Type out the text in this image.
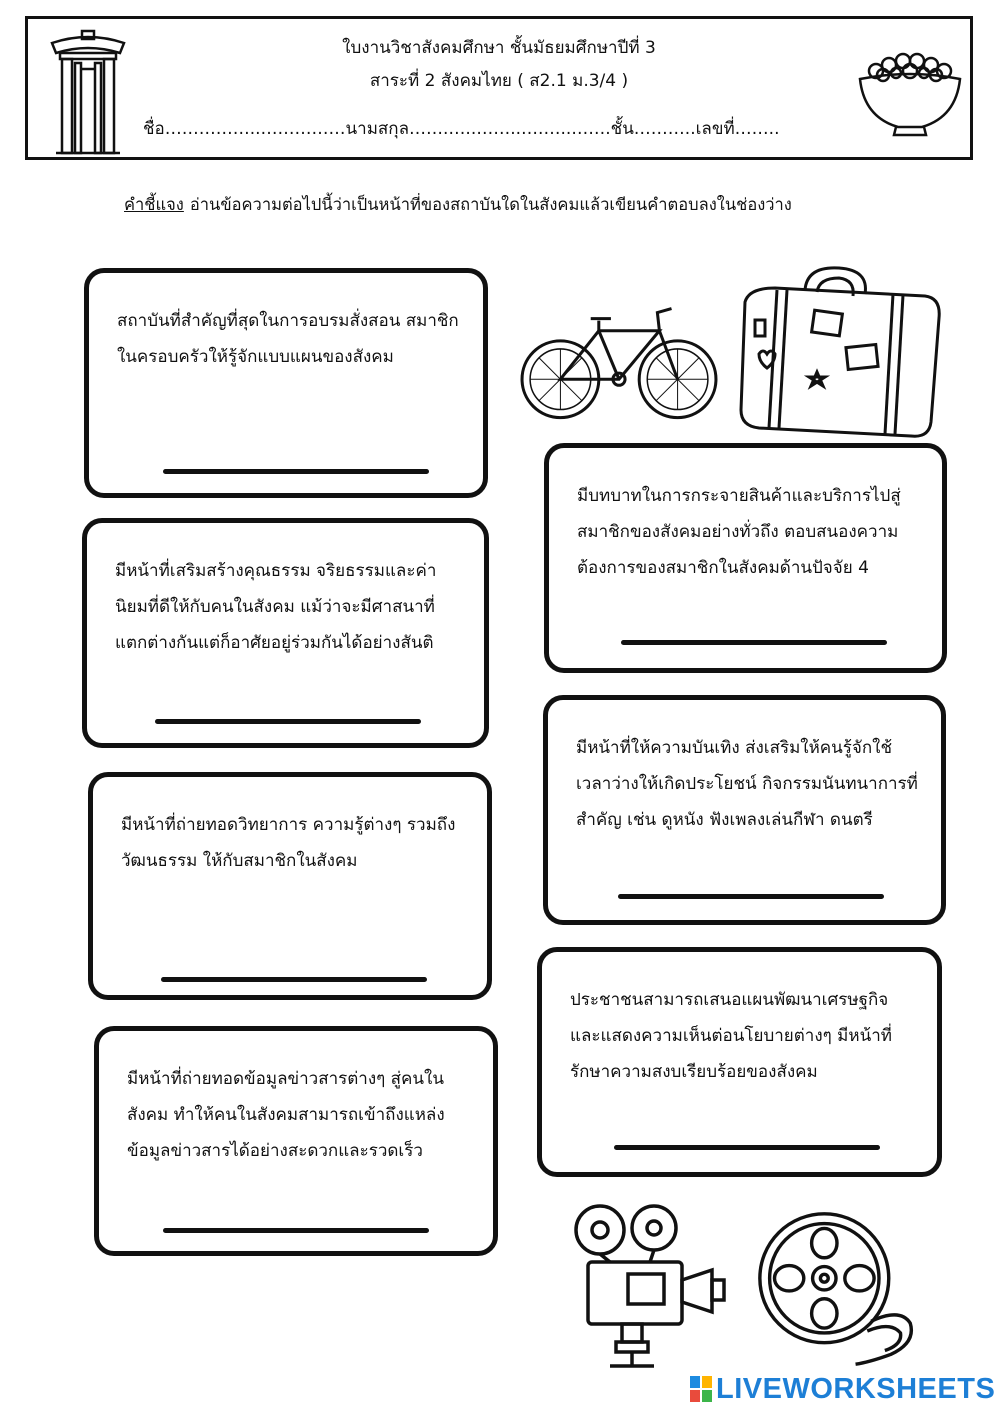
ใบงานวิชาสังคมศึกษา ชั้นมัธยมศึกษาปีที่ 3
สาระที่ 2 สังคมไทย ( ส2.1 ม.3/4 )
ชื่อ……………..……………นามสกุล…….…..……..….…..…….ชั้น………..เลขที่……..
คำชี้แจง อ่านข้อความต่อไปนี้ว่าเป็นหน้าที่ของสถาบันใดในสังคมแล้วเขียนคำตอบลงในช่องว่าง
สถาบันที่สำคัญที่สุดในการอบรมสั่งสอน สมาชิกในครอบครัวให้รู้จักแบบแผนของสังคม
มีหน้าที่เสริมสร้างคุณธรรม จริยธรรมและค่านิยมที่ดีให้กับคนในสังคม แม้ว่าจะมีศาสนาที่แตกต่างกันแต่ก็อาศัยอยู่ร่วมกันได้อย่างสันติ
มีหน้าที่ถ่ายทอดวิทยาการ ความรู้ต่างๆ รวมถึงวัฒนธรรม ให้กับสมาชิกในสังคม
มีหน้าที่ถ่ายทอดข้อมูลข่าวสารต่างๆ สู่คนในสังคม ทำให้คนในสังคมสามารถเข้าถึงแหล่งข้อมูลข่าวสารได้อย่างสะดวกและรวดเร็ว
มีบทบาทในการกระจายสินค้าและบริการไปสู่สมาชิกของสังคมอย่างทั่วถึง ตอบสนองความต้องการของสมาชิกในสังคมด้านปัจจัย 4
มีหน้าที่ให้ความบันเทิง ส่งเสริมให้คนรู้จักใช้เวลาว่างให้เกิดประโยชน์ กิจกรรมนันทนาการที่สำคัญ เช่น ดูหนัง ฟังเพลงเล่นกีฬา ดนตรี
ประชาชนสามารถเสนอแผนพัฒนาเศรษฐกิจ และแสดงความเห็นต่อนโยบายต่างๆ มีหน้าที่รักษาความสงบเรียบร้อยของสังคม
LIVEWORKSHEETS
